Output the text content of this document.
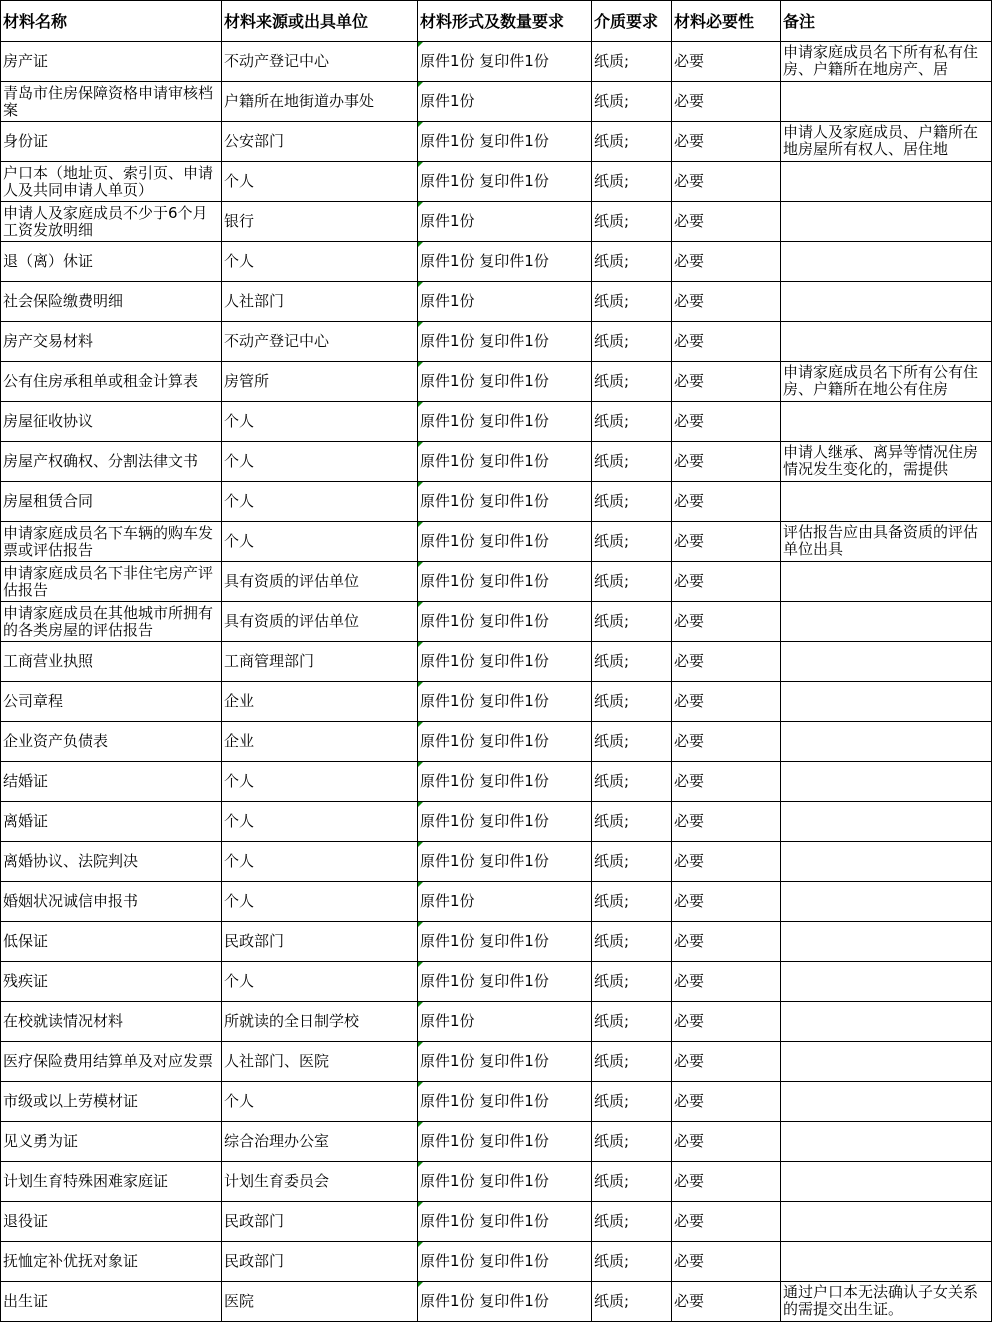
材料名称	材料来源或出具单位	材料形式及数量要求	介质要求	材料必要性	备注

房产证	不动产登记中心	原件1份 复印件1份	纸质;	必要	申请家庭成员名下所有私有住房、户籍所在地房产、居

青岛市住房保障资格申请审核档案	户籍所在地街道办事处	原件1份	纸质;	必要	

身份证	公安部门	原件1份 复印件1份	纸质;	必要	申请人及家庭成员、户籍所在地房屋所有权人、居住地

户口本（地址页、索引页、申请人及共同申请人单页）	个人	原件1份 复印件1份	纸质;	必要	

申请人及家庭成员不少于6个月工资发放明细	银行	原件1份	纸质;	必要	

退（离）休证	个人	原件1份 复印件1份	纸质;	必要	

社会保险缴费明细	人社部门	原件1份	纸质;	必要	

房产交易材料	不动产登记中心	原件1份 复印件1份	纸质;	必要	

公有住房承租单或租金计算表	房管所	原件1份 复印件1份	纸质;	必要	申请家庭成员名下所有公有住房、户籍所在地公有住房

房屋征收协议	个人	原件1份 复印件1份	纸质;	必要	

房屋产权确权、分割法律文书	个人	原件1份 复印件1份	纸质;	必要	申请人继承、离异等情况住房情况发生变化的，需提供

房屋租赁合同	个人	原件1份 复印件1份	纸质;	必要	

申请家庭成员名下车辆的购车发票或评估报告	个人	原件1份 复印件1份	纸质;	必要	评估报告应由具备资质的评估单位出具

申请家庭成员名下非住宅房产评估报告	具有资质的评估单位	原件1份 复印件1份	纸质;	必要	

申请家庭成员在其他城市所拥有的各类房屋的评估报告	具有资质的评估单位	原件1份 复印件1份	纸质;	必要	

工商营业执照	工商管理部门	原件1份 复印件1份	纸质;	必要	

公司章程	企业	原件1份 复印件1份	纸质;	必要	

企业资产负债表	企业	原件1份 复印件1份	纸质;	必要	

结婚证	个人	原件1份 复印件1份	纸质;	必要	

离婚证	个人	原件1份 复印件1份	纸质;	必要	

离婚协议、法院判决	个人	原件1份 复印件1份	纸质;	必要	

婚姻状况诚信申报书	个人	原件1份	纸质;	必要	

低保证	民政部门	原件1份 复印件1份	纸质;	必要	

残疾证	个人	原件1份 复印件1份	纸质;	必要	

在校就读情况材料	所就读的全日制学校	原件1份	纸质;	必要	

医疗保险费用结算单及对应发票	人社部门、医院	原件1份 复印件1份	纸质;	必要	

市级或以上劳模材证	个人	原件1份 复印件1份	纸质;	必要	

见义勇为证	综合治理办公室	原件1份 复印件1份	纸质;	必要	

计划生育特殊困难家庭证	计划生育委员会	原件1份 复印件1份	纸质;	必要	

退役证	民政部门	原件1份 复印件1份	纸质;	必要	

抚恤定补优抚对象证	民政部门	原件1份 复印件1份	纸质;	必要	

出生证	医院	原件1份 复印件1份	纸质;	必要	通过户口本无法确认子女关系的需提交出生证。
